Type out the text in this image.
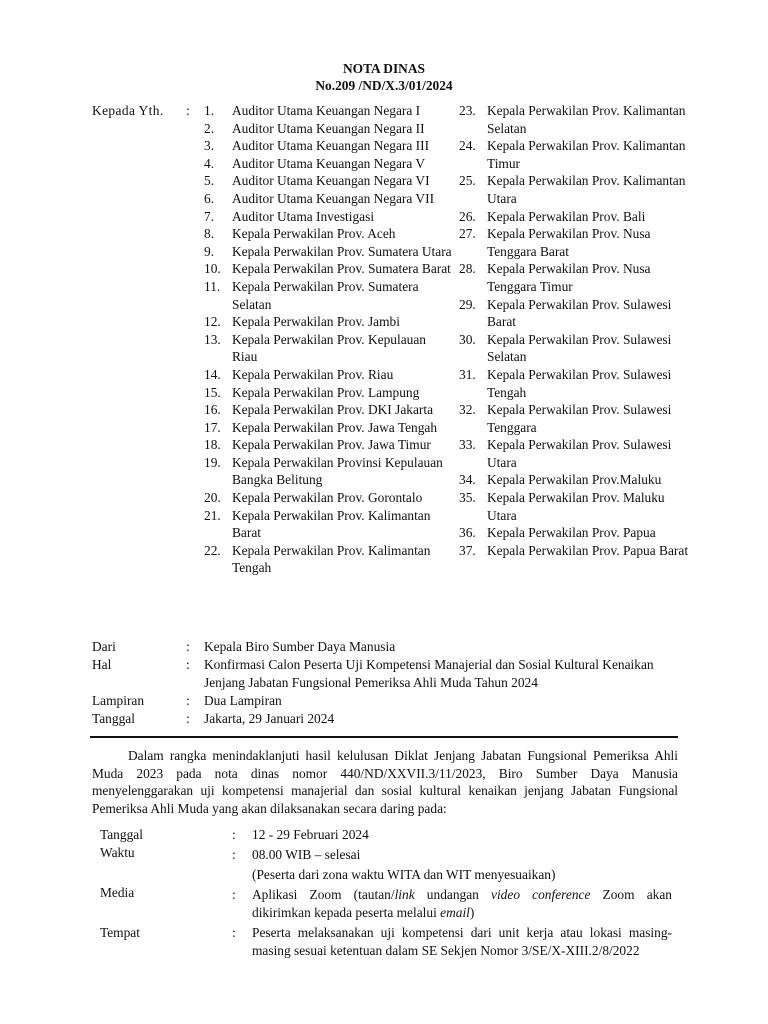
NOTA DINAS
No.209 /ND/X.3/01/2024
Kepada Yth. : 1.	Auditor Utama Keuangan Negara I
2.	Auditor Utama Keuangan Negara II
3.	Auditor Utama Keuangan Negara III
4.	Auditor Utama Keuangan Negara V
5.	Auditor Utama Keuangan Negara VI
6.	Auditor Utama Keuangan Negara VII
7.	Auditor Utama Investigasi
8.	Kepala Perwakilan Prov. Aceh
9.	Kepala Perwakilan Prov. Sumatera Utara
10. Kepala Perwakilan Prov. Sumatera Barat
11. Kepala Perwakilan Prov. Sumatera Selatan
12. Kepala Perwakilan Prov. Jambi
13. Kepala Perwakilan Prov. Kepulauan Riau
14. Kepala Perwakilan Prov. Riau
15. Kepala Perwakilan Prov. Lampung
16. Kepala Perwakilan Prov. DKI Jakarta
17. Kepala Perwakilan Prov. Jawa Tengah
18. Kepala Perwakilan Prov. Jawa Timur
19. Kepala Perwakilan Provinsi Kepulauan Bangka Belitung
20. Kepala Perwakilan Prov. Gorontalo
21. Kepala Perwakilan Prov. Kalimantan Barat
22. Kepala Perwakilan Prov. Kalimantan Tengah
23. Kepala Perwakilan Prov. Kalimantan Selatan
24. Kepala Perwakilan Prov. Kalimantan Timur
25. Kepala Perwakilan Prov. Kalimantan Utara
26. Kepala Perwakilan Prov. Bali
27. Kepala Perwakilan Prov. Nusa Tenggara Barat
28. Kepala Perwakilan Prov. Nusa Tenggara Timur
29. Kepala Perwakilan Prov. Sulawesi Barat
30. Kepala Perwakilan Prov. Sulawesi Selatan
31. Kepala Perwakilan Prov. Sulawesi Tengah
32. Kepala Perwakilan Prov. Sulawesi Tenggara
33. Kepala Perwakilan Prov. Sulawesi Utara
34. Kepala Perwakilan Prov.Maluku
35. Kepala Perwakilan Prov. Maluku Utara
36. Kepala Perwakilan Prov. Papua
37. Kepala Perwakilan Prov. Papua Barat
Dari	: Kepala Biro Sumber Daya Manusia
Hal	: Konfirmasi Calon Peserta Uji Kompetensi Manajerial dan Sosial Kultural Kenaikan Jenjang Jabatan Fungsional Pemeriksa Ahli Muda Tahun 2024
Lampiran	: Dua Lampiran
Tanggal	: Jakarta, 29 Januari 2024

Dalam rangka menindaklanjuti hasil kelulusan Diklat Jenjang Jabatan Fungsional Pemeriksa Ahli Muda 2023 pada nota dinas nomor 440/ND/XXVII.3/11/2023, Biro Sumber Daya Manusia menyelenggarakan uji kompetensi manajerial dan sosial kultural kenaikan jenjang Jabatan Fungsional Pemeriksa Ahli Muda yang akan dilaksanakan secara daring pada:

Tanggal	: 12 - 29 Februari 2024
Waktu	: 08.00 WIB – selesai
(Peserta dari zona waktu WITA dan WIT menyesuaikan)
Media	: Aplikasi Zoom (tautan/link undangan video conference Zoom akan dikirimkan kepada peserta melalui email)
Tempat	: Peserta melaksanakan uji kompetensi dari unit kerja atau lokasi masing-masing sesuai ketentuan dalam SE Sekjen Nomor 3/SE/X-XIII.2/8/2022
